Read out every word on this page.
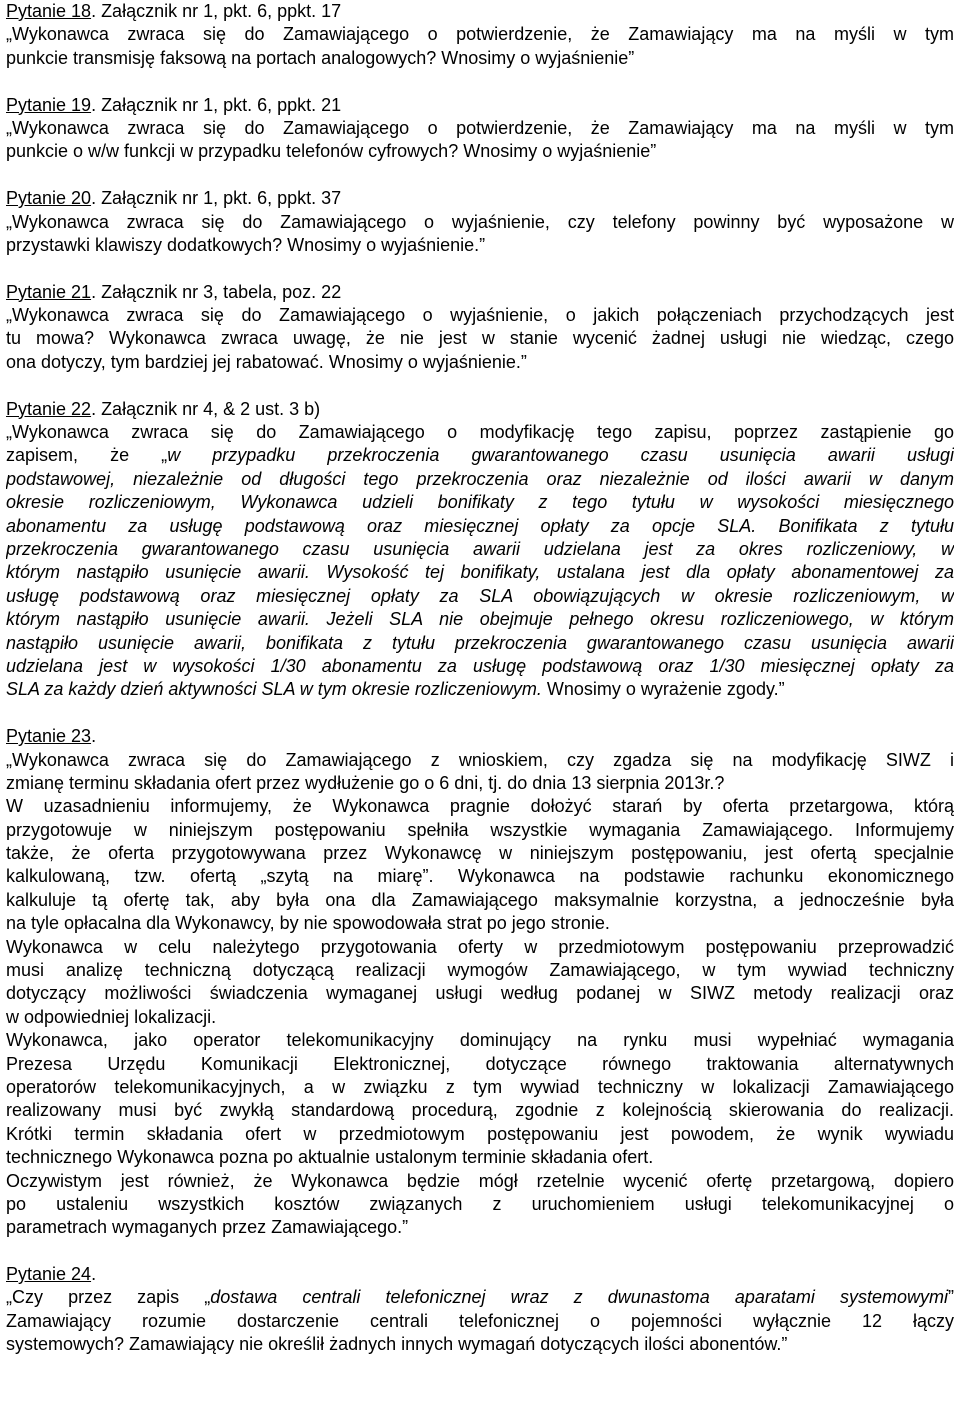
Pytanie 18. Załącznik nr 1, pkt. 6, ppkt. 17
„Wykonawca zwraca się do Zamawiającego o potwierdzenie, że Zamawiający ma na myśli w tym
punkcie transmisję faksową na portach analogowych? Wnosimy o wyjaśnienie”
Pytanie 19. Załącznik nr 1, pkt. 6, ppkt. 21
„Wykonawca zwraca się do Zamawiającego o potwierdzenie, że Zamawiający ma na myśli w tym
punkcie o w/w funkcji w przypadku telefonów cyfrowych? Wnosimy o wyjaśnienie”
Pytanie 20. Załącznik nr 1, pkt. 6, ppkt. 37
„Wykonawca zwraca się do Zamawiającego o wyjaśnienie, czy telefony powinny być wyposażone w
przystawki klawiszy dodatkowych? Wnosimy o wyjaśnienie.”
Pytanie 21. Załącznik nr 3, tabela, poz. 22
„Wykonawca zwraca się do Zamawiającego o wyjaśnienie, o jakich połączeniach przychodzących jest
tu mowa? Wykonawca zwraca uwagę, że nie jest w stanie wycenić żadnej usługi nie wiedząc, czego
ona dotyczy, tym bardziej jej rabatować. Wnosimy o wyjaśnienie.”
Pytanie 22. Załącznik nr 4, & 2 ust. 3 b)
„Wykonawca zwraca się do Zamawiającego o modyfikację tego zapisu, poprzez zastąpienie go
zapisem, że „w przypadku przekroczenia gwarantowanego czasu usunięcia awarii usługi
podstawowej, niezależnie od długości tego przekroczenia oraz niezależnie od ilości awarii w danym
okresie rozliczeniowym, Wykonawca udzieli bonifikaty z tego tytułu w wysokości miesięcznego
abonamentu za usługę podstawową oraz miesięcznej opłaty za opcje SLA. Bonifikata z tytułu
przekroczenia gwarantowanego czasu usunięcia awarii udzielana jest za okres rozliczeniowy, w
którym nastąpiło usunięcie awarii. Wysokość tej bonifikaty, ustalana jest dla opłaty abonamentowej za
usługę podstawową oraz miesięcznej opłaty za SLA obowiązujących w okresie rozliczeniowym, w
którym nastąpiło usunięcie awarii. Jeżeli SLA nie obejmuje pełnego okresu rozliczeniowego, w którym
nastąpiło usunięcie awarii, bonifikata z tytułu przekroczenia gwarantowanego czasu usunięcia awarii
udzielana jest w wysokości 1/30 abonamentu za usługę podstawową oraz 1/30 miesięcznej opłaty za
SLA za każdy dzień aktywności SLA w tym okresie rozliczeniowym. Wnosimy o wyrażenie zgody.”
Pytanie 23.
„Wykonawca zwraca się do Zamawiającego z wnioskiem, czy zgadza się na modyfikację SIWZ i
zmianę terminu składania ofert przez wydłużenie go o 6 dni, tj. do dnia 13 sierpnia 2013r.?
W uzasadnieniu informujemy, że Wykonawca pragnie dołożyć starań by oferta przetargowa, którą
przygotowuje w niniejszym postępowaniu spełniła wszystkie wymagania Zamawiającego. Informujemy
także, że oferta przygotowywana przez Wykonawcę w niniejszym postępowaniu, jest ofertą specjalnie
kalkulowaną, tzw. ofertą „szytą na miarę”. Wykonawca na podstawie rachunku ekonomicznego
kalkuluje tą ofertę tak, aby była ona dla Zamawiającego maksymalnie korzystna, a jednocześnie była
na tyle opłacalna dla Wykonawcy, by nie spowodowała strat po jego stronie.
Wykonawca w celu należytego przygotowania oferty w przedmiotowym postępowaniu przeprowadzić
musi analizę techniczną dotyczącą realizacji wymogów Zamawiającego, w tym wywiad techniczny
dotyczący możliwości świadczenia wymaganej usługi według podanej w SIWZ metody realizacji oraz
w odpowiedniej lokalizacji.
Wykonawca, jako operator telekomunikacyjny dominujący na rynku musi wypełniać wymagania
Prezesa Urzędu Komunikacji Elektronicznej, dotyczące równego traktowania alternatywnych
operatorów telekomunikacyjnych, a w związku z tym wywiad techniczny w lokalizacji Zamawiającego
realizowany musi być zwykłą standardową procedurą, zgodnie z kolejnością skierowania do realizacji.
Krótki termin składania ofert w przedmiotowym postępowaniu jest powodem, że wynik wywiadu
technicznego Wykonawca pozna po aktualnie ustalonym terminie składania ofert.
Oczywistym jest również, że Wykonawca będzie mógł rzetelnie wycenić ofertę przetargową, dopiero
po ustaleniu wszystkich kosztów związanych z uruchomieniem usługi telekomunikacyjnej o
parametrach wymaganych przez Zamawiającego.”
Pytanie 24.
„Czy przez zapis „dostawa centrali telefonicznej wraz z dwunastoma aparatami systemowymi”
Zamawiający rozumie dostarczenie centrali telefonicznej o pojemności wyłącznie 12 łączy
systemowych? Zamawiający nie określił żadnych innych wymagań dotyczących ilości abonentów.”
